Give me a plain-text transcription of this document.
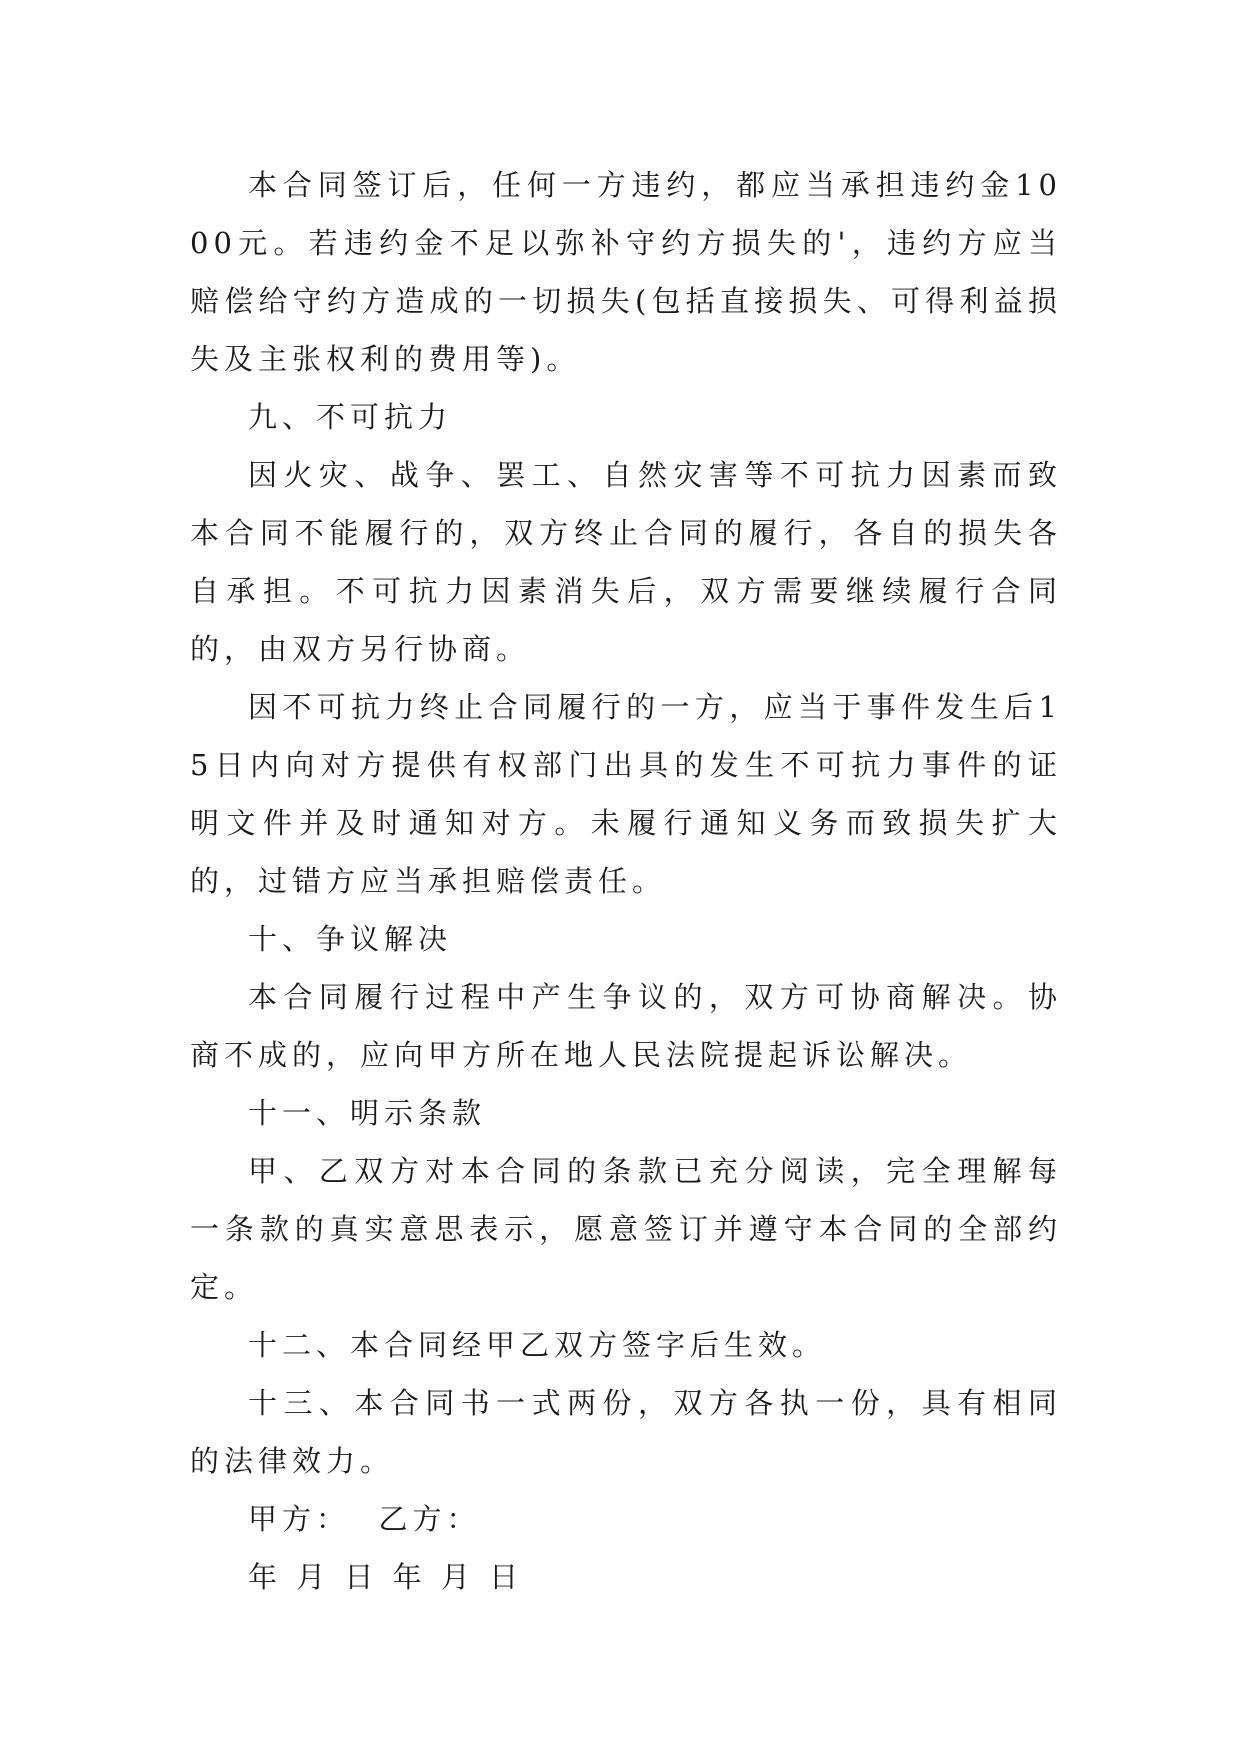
本合同签订后，任何一方违约，都应当承担违约金1000元。若违约金不足以弥补守约方损失的'，违约方应当赔偿给守约方造成的一切损失(包括直接损失、可得利益损失及主张权利的费用等)。

九、不可抗力

因火灾、战争、罢工、自然灾害等不可抗力因素而致本合同不能履行的，双方终止合同的履行，各自的损失各自承担。不可抗力因素消失后，双方需要继续履行合同的，由双方另行协商。

因不可抗力终止合同履行的一方，应当于事件发生后15日内向对方提供有权部门出具的发生不可抗力事件的证明文件并及时通知对方。未履行通知义务而致损失扩大的，过错方应当承担赔偿责任。

十、争议解决

本合同履行过程中产生争议的，双方可协商解决。协商不成的，应向甲方所在地人民法院提起诉讼解决。

十一、明示条款

甲、乙双方对本合同的条款已充分阅读，完全理解每一条款的真实意思表示，愿意签订并遵守本合同的全部约定。

十二、本合同经甲乙双方签字后生效。

十三、本合同书一式两份，双方各执一份，具有相同的法律效力。

甲方： 乙方：

年 月 日 年 月 日
